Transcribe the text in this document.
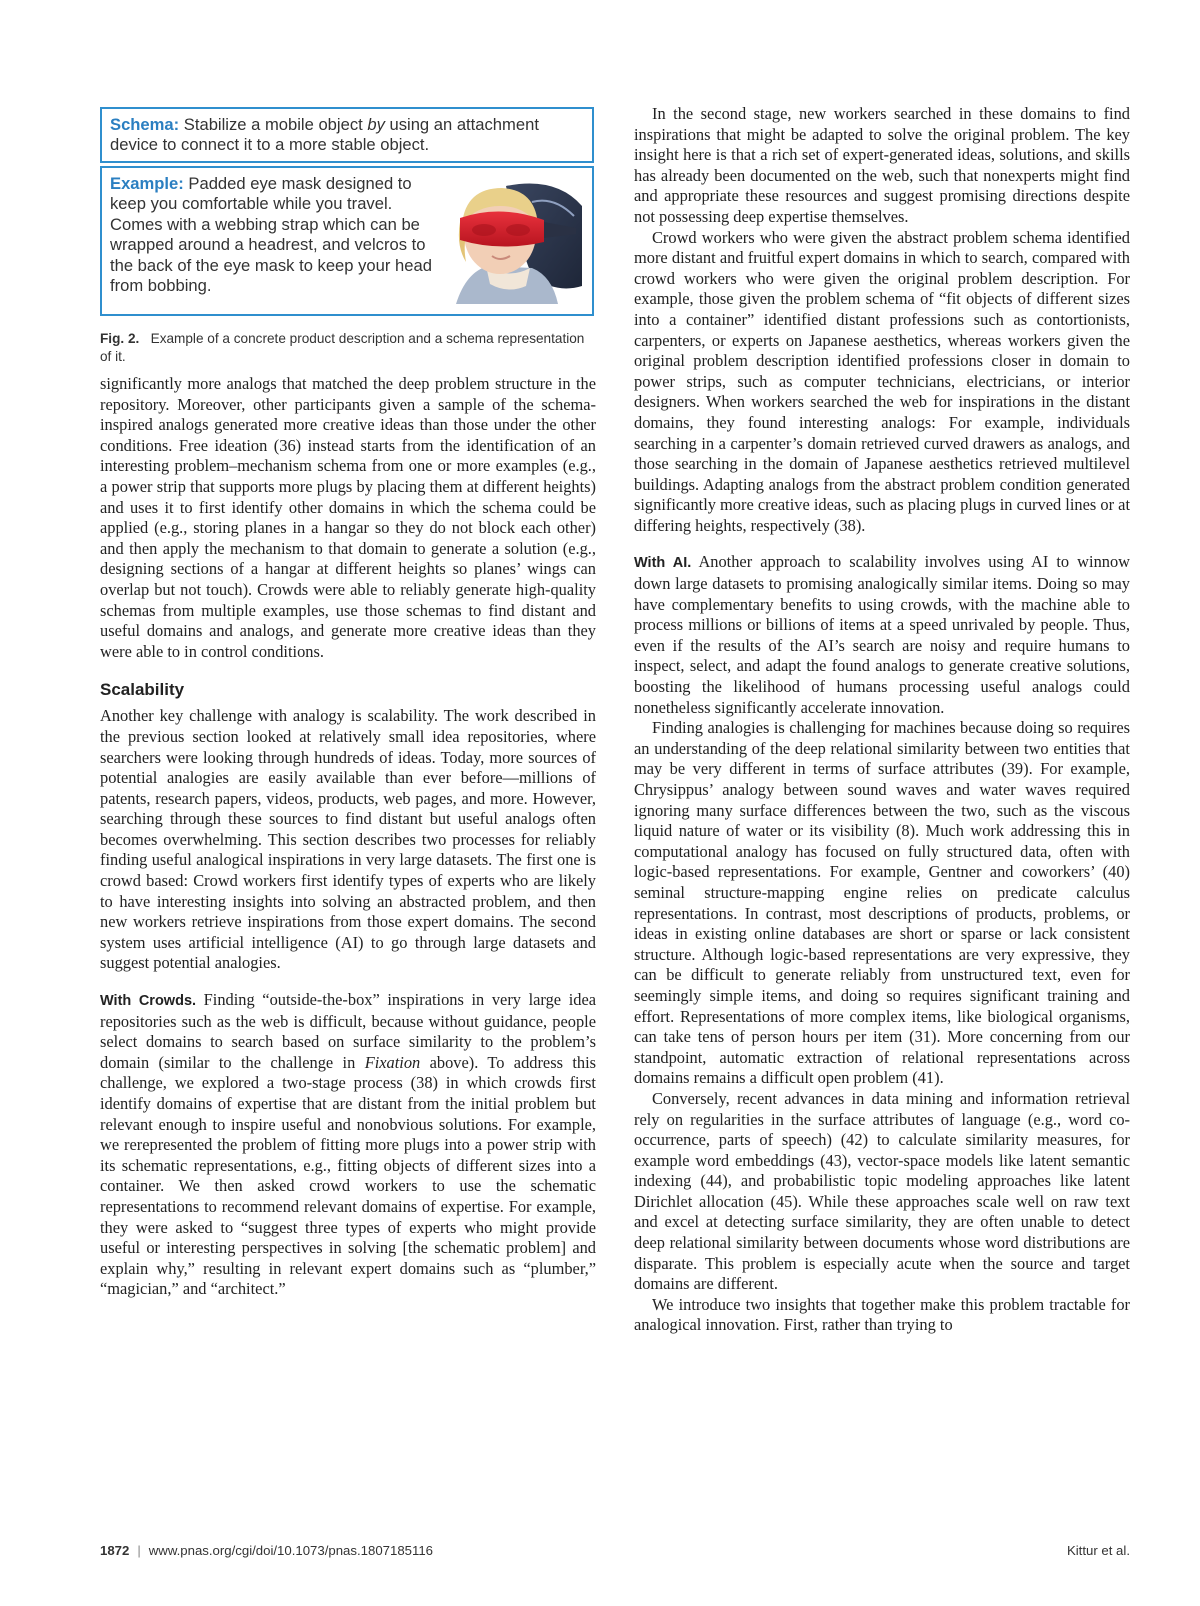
Schema: Stabilize a mobile object by using an attachment device to connect it to a more stable object.
Example: Padded eye mask designed to keep you comfortable while you travel. Comes with a webbing strap which can be wrapped around a headrest, and velcros to the back of the eye mask to keep your head from bobbing.
Fig. 2. Example of a concrete product description and a schema representation of it.

significantly more analogs that matched the deep problem structure in the repository. Moreover, other participants given a sample of the schema-inspired analogs generated more creative ideas than those under the other conditions. Free ideation (36) instead starts from the identification of an interesting problem–mechanism schema from one or more examples (e.g., a power strip that supports more plugs by placing them at different heights) and uses it to first identify other domains in which the schema could be applied (e.g., storing planes in a hangar so they do not block each other) and then apply the mechanism to that domain to generate a solution (e.g., designing sections of a hangar at different heights so planes’ wings can overlap but not touch). Crowds were able to reliably generate high-quality schemas from multiple examples, use those schemas to find distant and useful domains and analogs, and generate more creative ideas than they were able to in control conditions.

Scalability

Another key challenge with analogy is scalability. The work described in the previous section looked at relatively small idea repositories, where searchers were looking through hundreds of ideas. Today, more sources of potential analogies are easily available than ever before—millions of patents, research papers, videos, products, web pages, and more. However, searching through these sources to find distant but useful analogs often becomes overwhelming. This section describes two processes for reliably finding useful analogical inspirations in very large datasets. The first one is crowd based: Crowd workers first identify types of experts who are likely to have interesting insights into solving an abstracted problem, and then new workers retrieve inspirations from those expert domains. The second system uses artificial intelligence (AI) to go through large datasets and suggest potential analogies.

With Crowds. Finding “outside-the-box” inspirations in very large idea repositories such as the web is difficult, because without guidance, people select domains to search based on surface similarity to the problem’s domain (similar to the challenge in Fixation above). To address this challenge, we explored a two-stage process (38) in which crowds first identify domains of expertise that are distant from the initial problem but relevant enough to inspire useful and nonobvious solutions. For example, we rerepresented the problem of fitting more plugs into a power strip with its schematic representations, e.g., fitting objects of different sizes into a container. We then asked crowd workers to use the schematic representations to recommend relevant domains of expertise. For example, they were asked to “suggest three types of experts who might provide useful or interesting perspectives in solving [the schematic problem] and explain why,” resulting in relevant expert domains such as “plumber,” “magician,” and “architect.”

In the second stage, new workers searched in these domains to find inspirations that might be adapted to solve the original problem. The key insight here is that a rich set of expert-generated ideas, solutions, and skills has already been documented on the web, such that nonexperts might find and appropriate these resources and suggest promising directions despite not possessing deep expertise themselves.

Crowd workers who were given the abstract problem schema identified more distant and fruitful expert domains in which to search, compared with crowd workers who were given the original problem description. For example, those given the problem schema of “fit objects of different sizes into a container” identified distant professions such as contortionists, carpenters, or experts on Japanese aesthetics, whereas workers given the original problem description identified professions closer in domain to power strips, such as computer technicians, electricians, or interior designers. When workers searched the web for inspirations in the distant domains, they found interesting analogs: For example, individuals searching in a carpenter’s domain retrieved curved drawers as analogs, and those searching in the domain of Japanese aesthetics retrieved multilevel buildings. Adapting analogs from the abstract problem condition generated significantly more creative ideas, such as placing plugs in curved lines or at differing heights, respectively (38).

With AI. Another approach to scalability involves using AI to winnow down large datasets to promising analogically similar items. Doing so may have complementary benefits to using crowds, with the machine able to process millions or billions of items at a speed unrivaled by people. Thus, even if the results of the AI’s search are noisy and require humans to inspect, select, and adapt the found analogs to generate creative solutions, boosting the likelihood of humans processing useful analogs could nonetheless significantly accelerate innovation.

Finding analogies is challenging for machines because doing so requires an understanding of the deep relational similarity between two entities that may be very different in terms of surface attributes (39). For example, Chrysippus’ analogy between sound waves and water waves required ignoring many surface differences between the two, such as the viscous liquid nature of water or its visibility (8). Much work addressing this in computational analogy has focused on fully structured data, often with logic-based representations. For example, Gentner and coworkers’ (40) seminal structure-mapping engine relies on predicate calculus representations. In contrast, most descriptions of products, problems, or ideas in existing online databases are short or sparse or lack consistent structure. Although logic-based representations are very expressive, they can be difficult to generate reliably from unstructured text, even for seemingly simple items, and doing so requires significant training and effort. Representations of more complex items, like biological organisms, can take tens of person hours per item (31). More concerning from our standpoint, automatic extraction of relational representations across domains remains a difficult open problem (41).

Conversely, recent advances in data mining and information retrieval rely on regularities in the surface attributes of language (e.g., word co-occurrence, parts of speech) (42) to calculate similarity measures, for example word embeddings (43), vector-space models like latent semantic indexing (44), and probabilistic topic modeling approaches like latent Dirichlet allocation (45). While these approaches scale well on raw text and excel at detecting surface similarity, they are often unable to detect deep relational similarity between documents whose word distributions are disparate. This problem is especially acute when the source and target domains are different.

We introduce two insights that together make this problem tractable for analogical innovation. First, rather than trying to

1872 | www.pnas.org/cgi/doi/10.1073/pnas.1807185116	Kittur et al.
